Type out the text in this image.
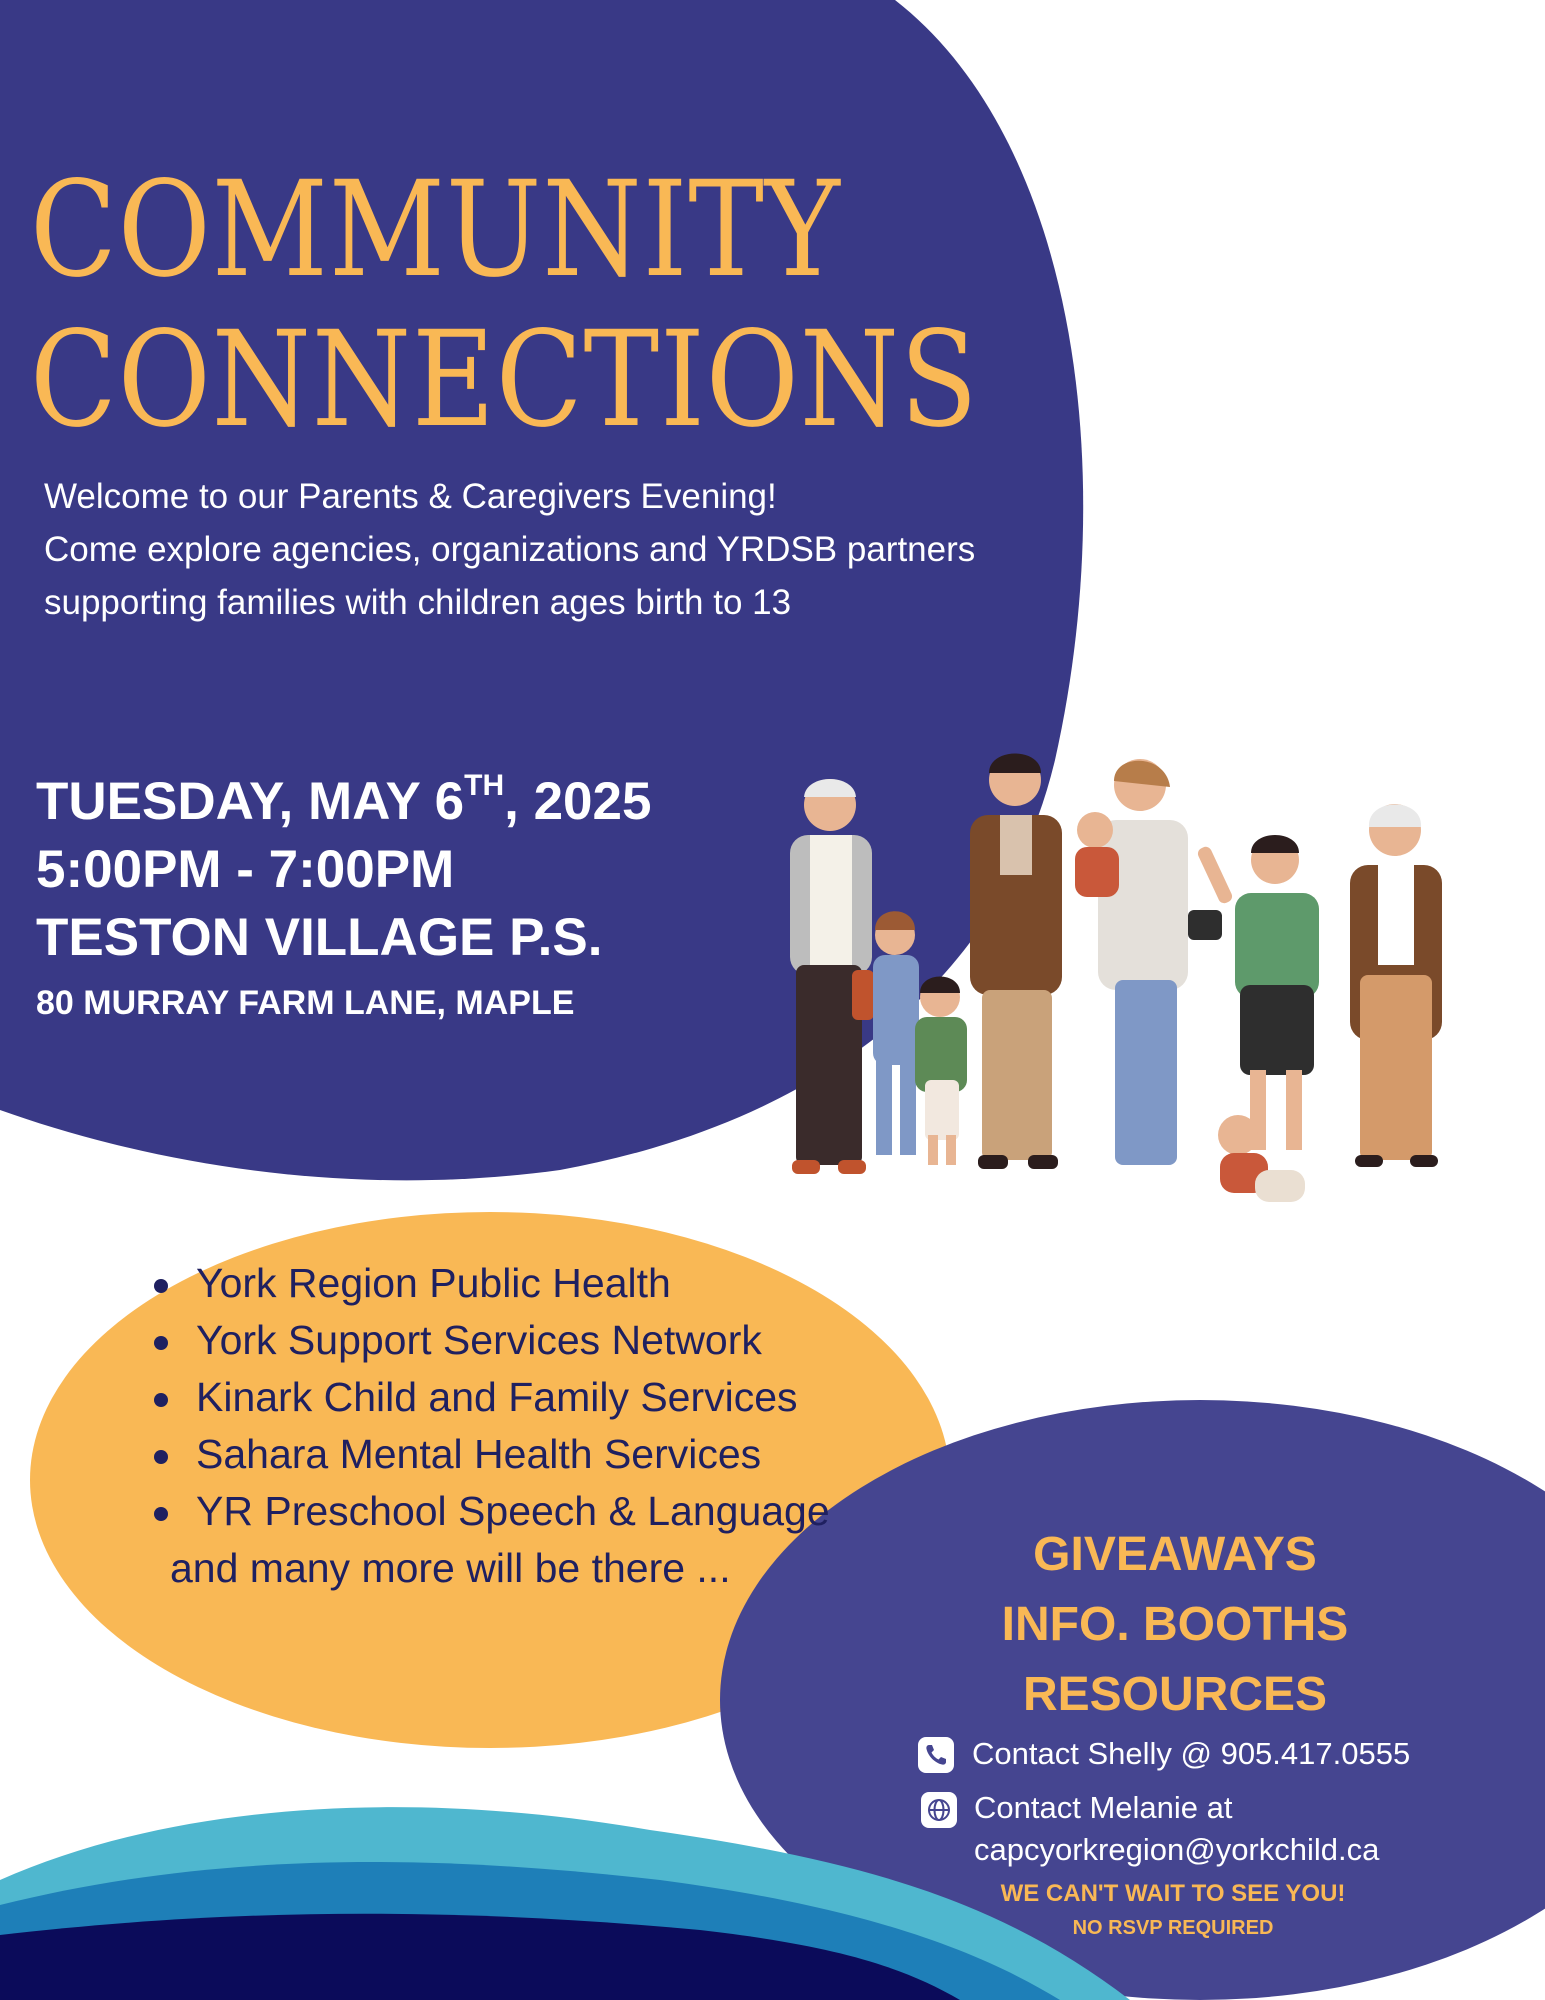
COMMUNITY
CONNECTIONS
Welcome to our Parents & Caregivers Evening!
Come explore agencies, organizations and YRDSB partners
supporting families with children ages birth to 13
TUESDAY, MAY 6TH, 2025
5:00PM - 7:00PM
TESTON VILLAGE P.S.
80 MURRAY FARM LANE, MAPLE
York Region Public Health
York Support Services Network
Kinark Child and Family Services
Sahara Mental Health Services
YR Preschool Speech & Language
and many more will be there ...	GIVEAWAYS
INFO. BOOTHS
RESOURCES
Contact Shelly @ 905.417.0555
Contact Melanie at
capcyorkregion@yorkchild.ca
WE CAN'T WAIT TO SEE YOU!
NO RSVP REQUIRED
